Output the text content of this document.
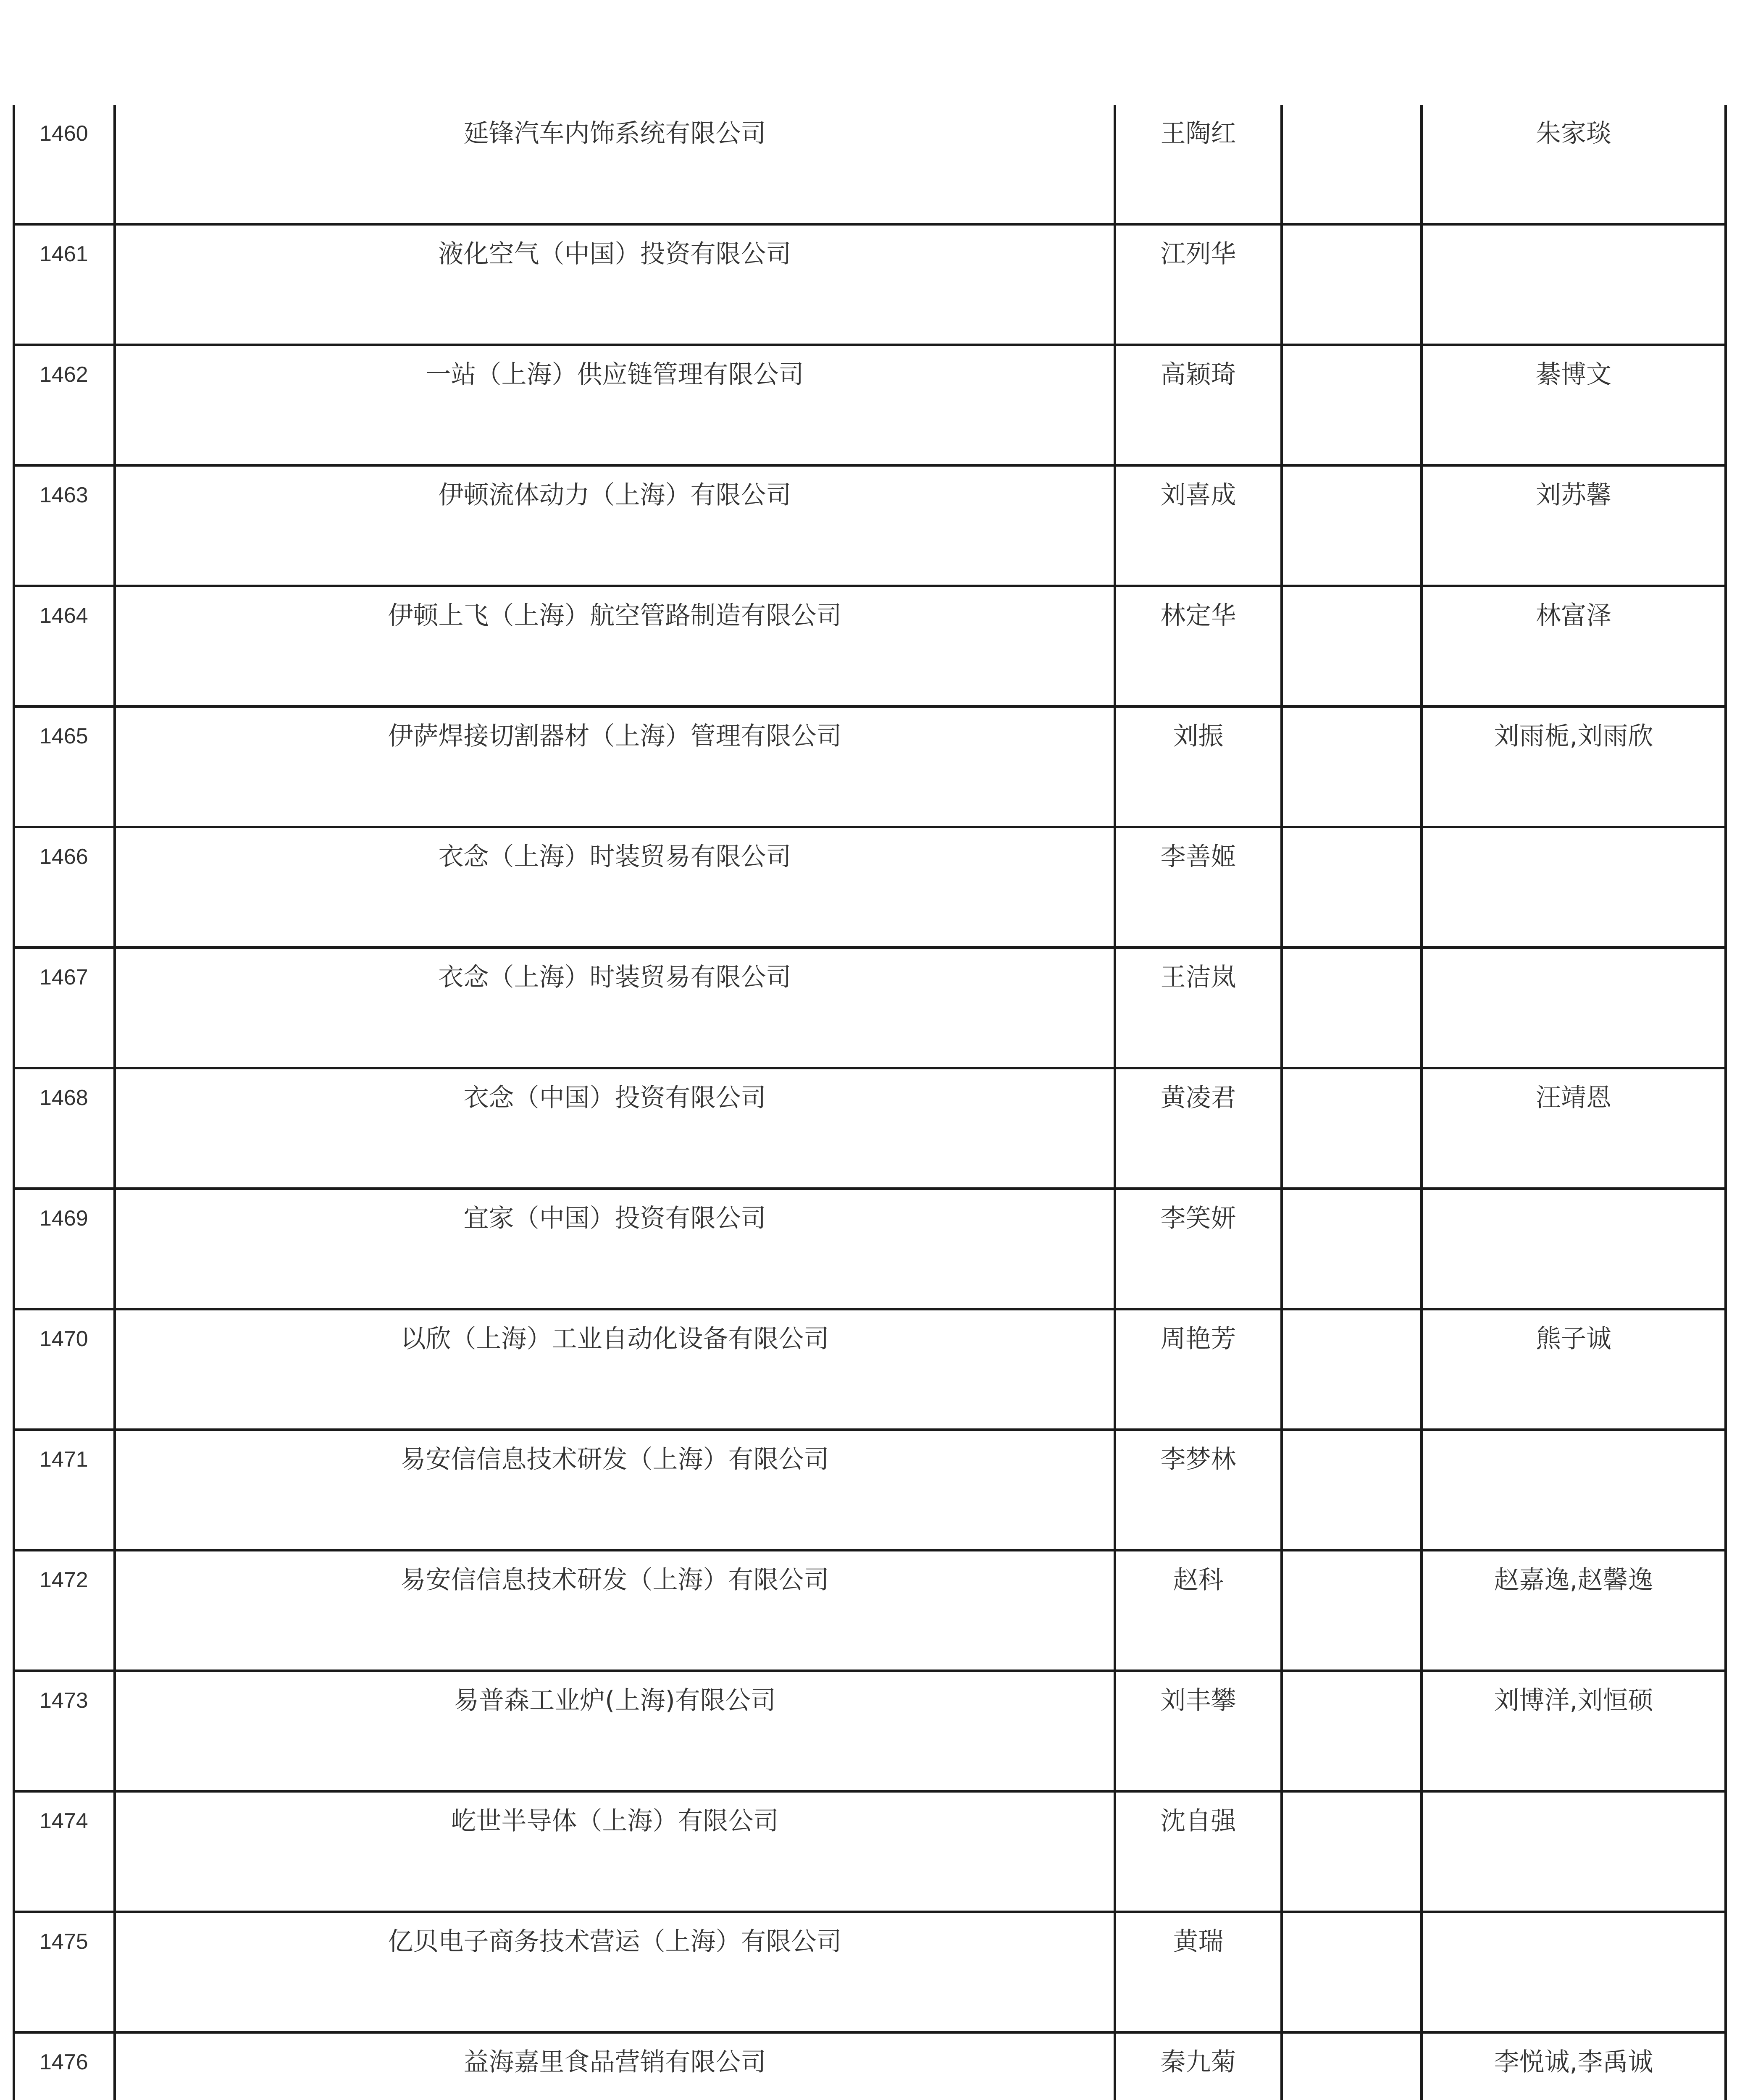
1460	延锋汽车内饰系统有限公司	王陶红		朱家琰
1461	液化空气（中国）投资有限公司	江列华		
1462	一站（上海）供应链管理有限公司	高颖琦		綦博文
1463	伊顿流体动力（上海）有限公司	刘喜成		刘苏馨
1464	伊顿上飞（上海）航空管路制造有限公司	林定华		林富泽
1465	伊萨焊接切割器材（上海）管理有限公司	刘振		刘雨栀,刘雨欣
1466	衣念（上海）时装贸易有限公司	李善姬		
1467	衣念（上海）时装贸易有限公司	王洁岚		
1468	衣念（中国）投资有限公司	黄凌君		汪靖恩
1469	宜家（中国）投资有限公司	李笑妍		
1470	以欣（上海）工业自动化设备有限公司	周艳芳		熊子诚
1471	易安信信息技术研发（上海）有限公司	李梦林		
1472	易安信信息技术研发（上海）有限公司	赵科		赵嘉逸,赵馨逸
1473	易普森工业炉(上海)有限公司	刘丰攀		刘博洋,刘恒硕
1474	屹世半导体（上海）有限公司	沈自强		
1475	亿贝电子商务技术营运（上海）有限公司	黄瑞		
1476	益海嘉里食品营销有限公司	秦九菊		李悦诚,李禹诚
